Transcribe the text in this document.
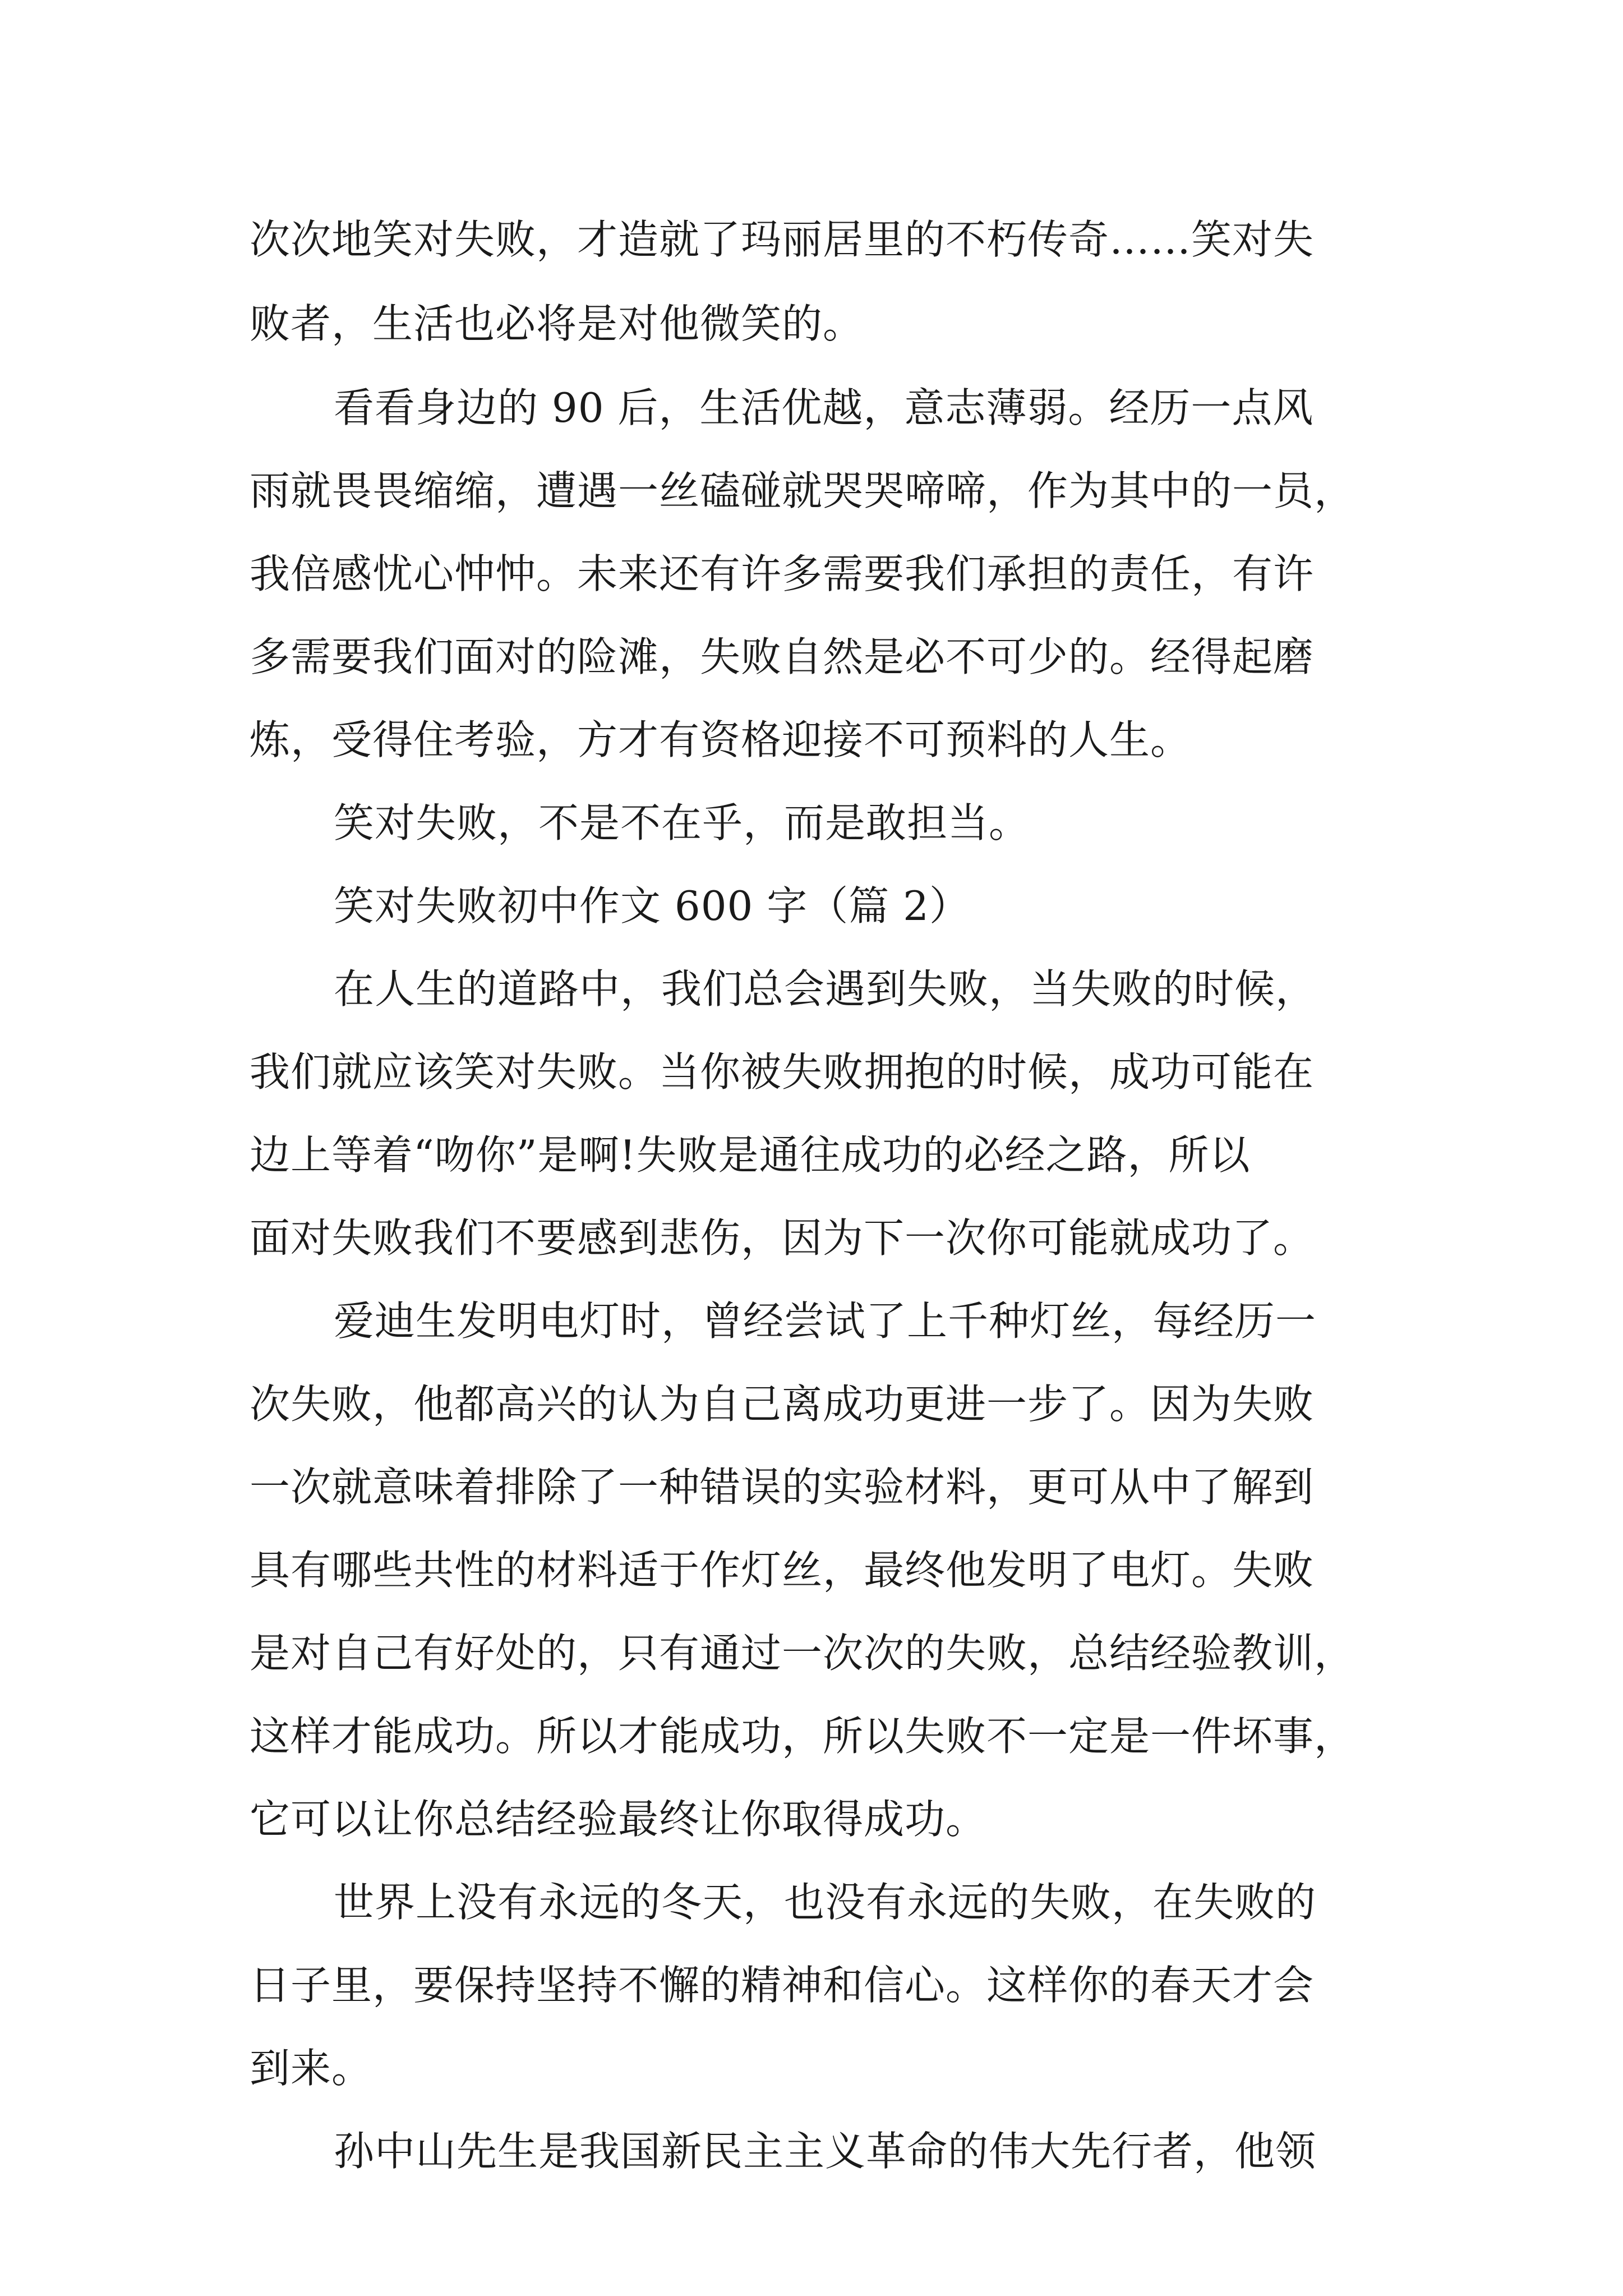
次次地笑对失败，才造就了玛丽居里的不朽传奇……笑对失
败者，生活也必将是对他微笑的。
看看身边的 90 后，生活优越，意志薄弱。经历一点风
雨就畏畏缩缩，遭遇一丝磕碰就哭哭啼啼，作为其中的一员，
我倍感忧心忡忡。未来还有许多需要我们承担的责任，有许
多需要我们面对的险滩，失败自然是必不可少的。经得起磨
炼，受得住考验，方才有资格迎接不可预料的人生。
笑对失败，不是不在乎，而是敢担当。
笑对失败初中作文 600 字（篇 2）
在人生的道路中，我们总会遇到失败，当失败的时候，
我们就应该笑对失败。当你被失败拥抱的时候，成功可能在
边上等着“吻你”是啊!失败是通往成功的必经之路，所以
面对失败我们不要感到悲伤，因为下一次你可能就成功了。
爱迪生发明电灯时，曾经尝试了上千种灯丝，每经历一
次失败，他都高兴的认为自己离成功更进一步了。因为失败
一次就意味着排除了一种错误的实验材料，更可从中了解到
具有哪些共性的材料适于作灯丝，最终他发明了电灯。失败
是对自己有好处的，只有通过一次次的失败，总结经验教训，
这样才能成功。所以才能成功，所以失败不一定是一件坏事，
它可以让你总结经验最终让你取得成功。
世界上没有永远的冬天，也没有永远的失败，在失败的
日子里，要保持坚持不懈的精神和信心。这样你的春天才会
到来。
孙中山先生是我国新民主主义革命的伟大先行者，他领
